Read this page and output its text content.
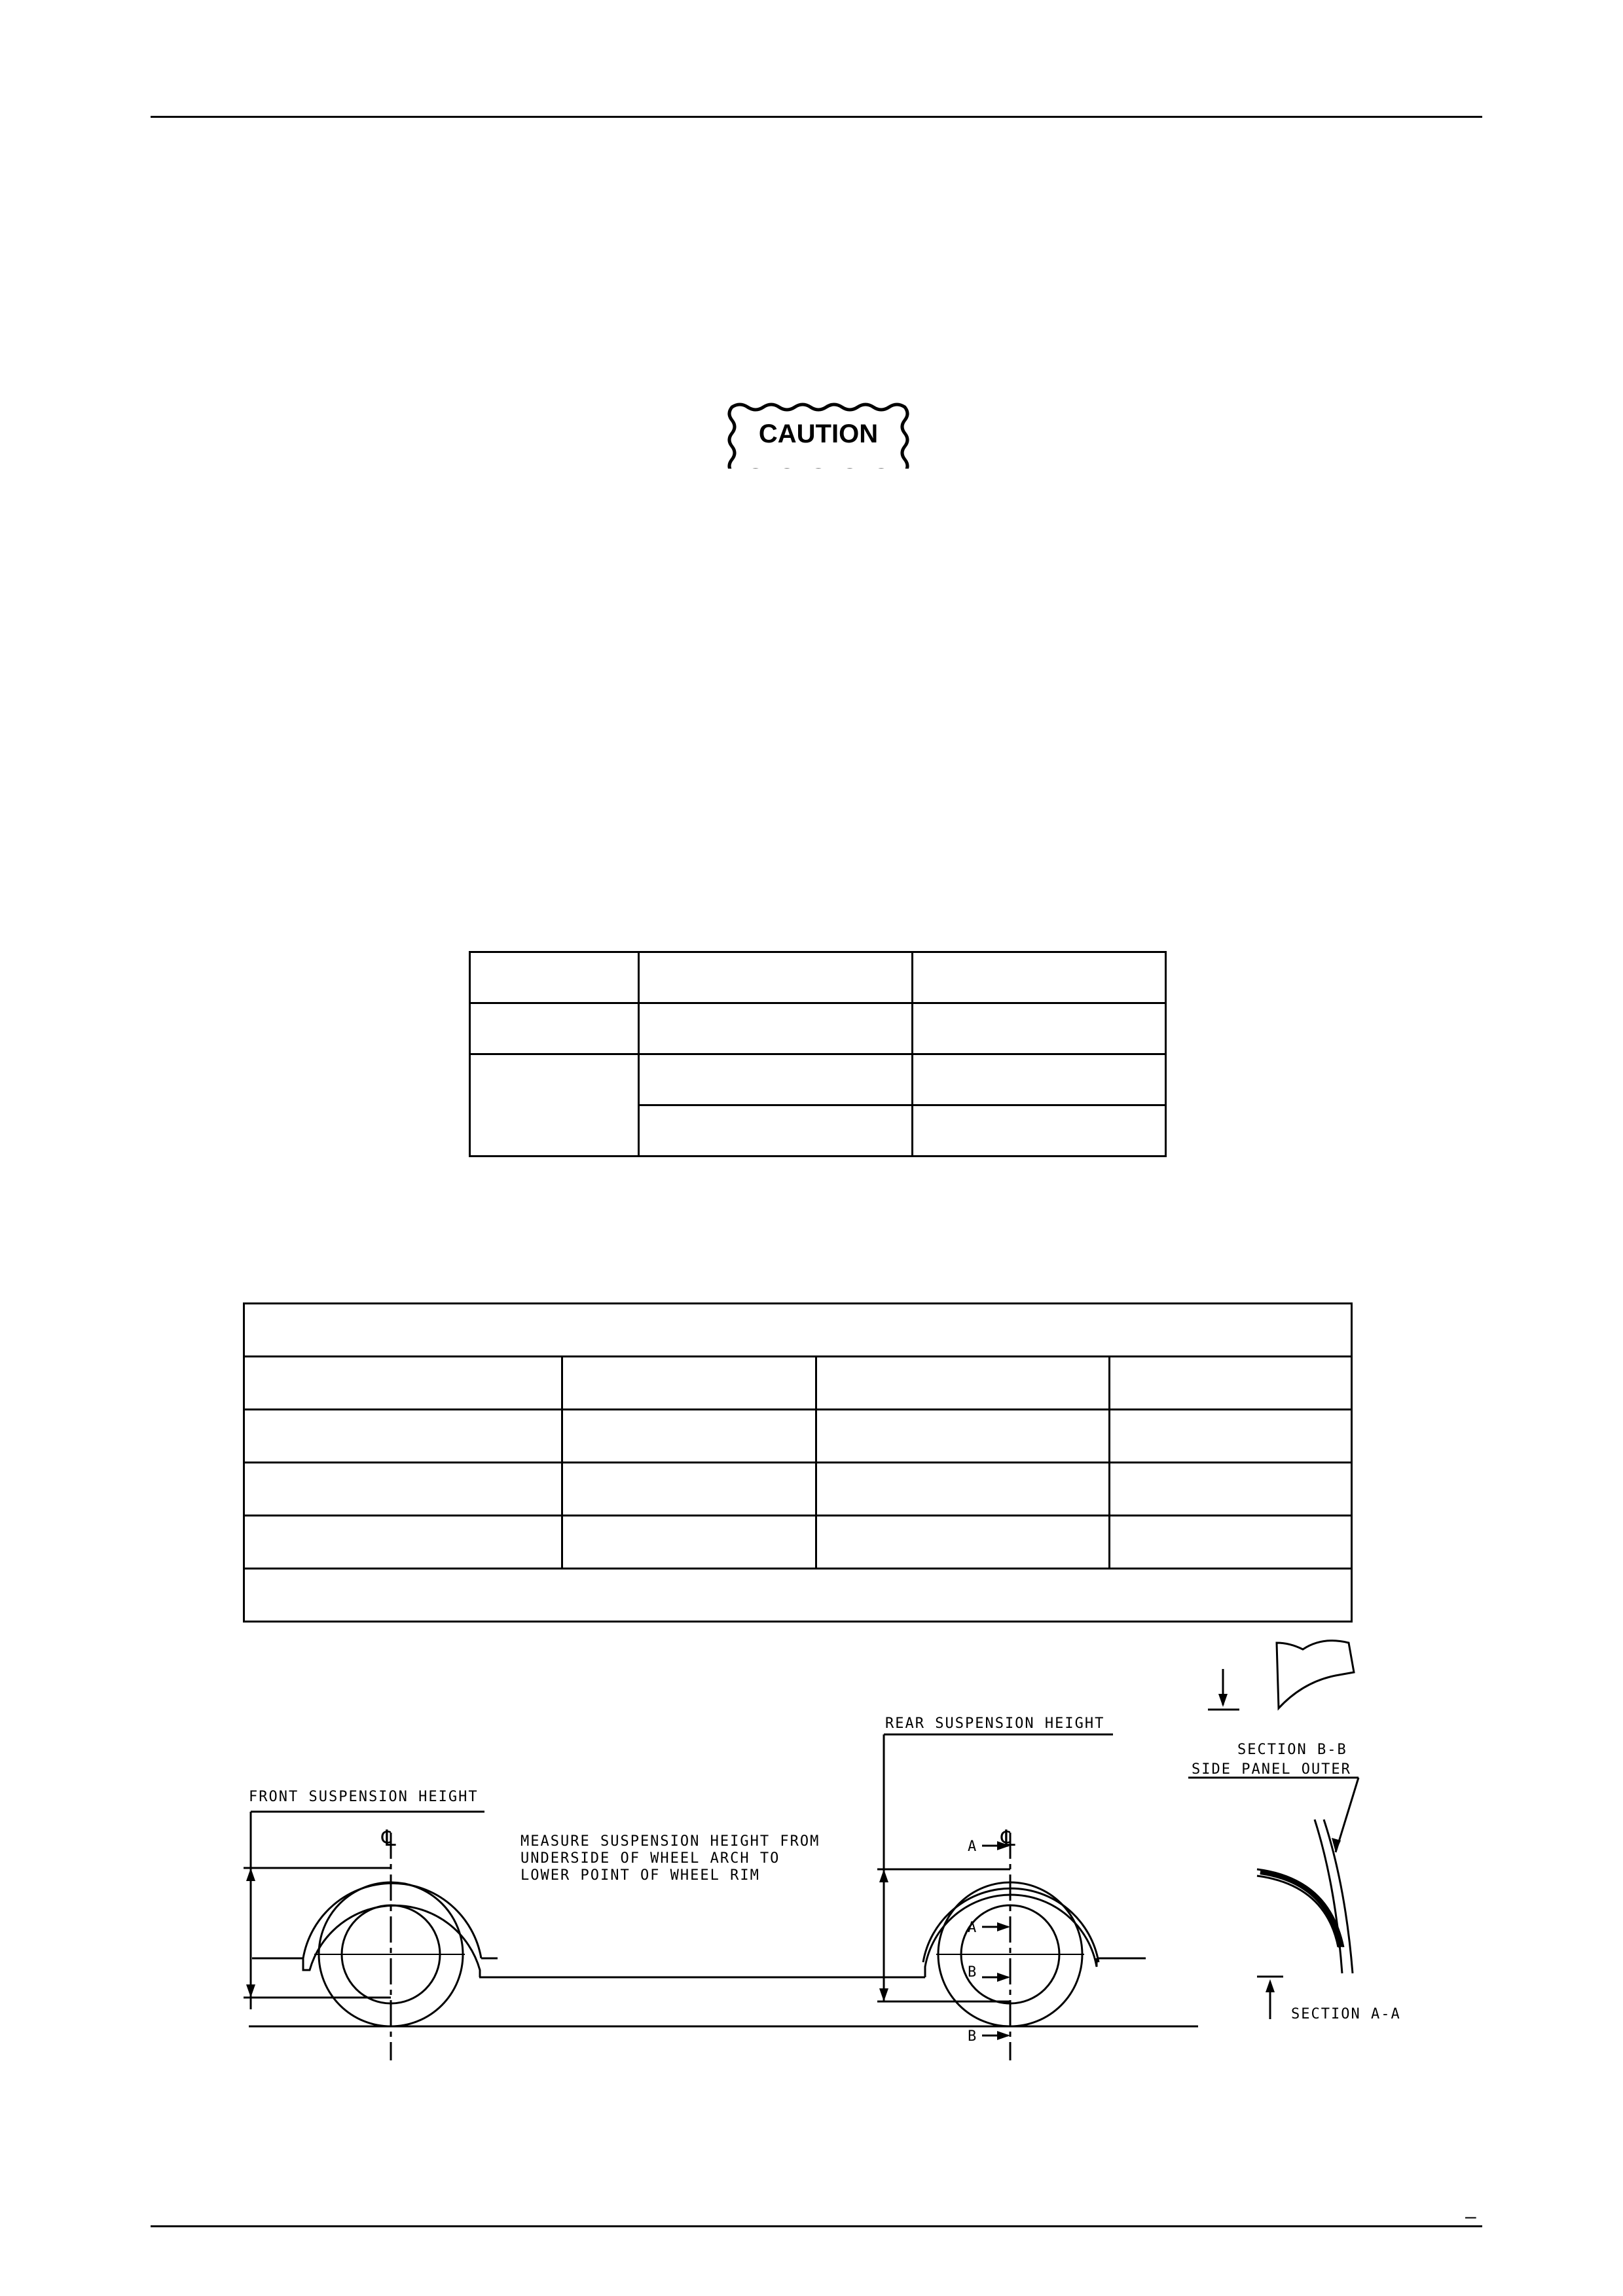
CAUTION

FRONT SUSPENSION HEIGHT
REAR SUSPENSION HEIGHT
MEASURE SUSPENSION HEIGHT FROM
UNDERSIDE OF WHEEL ARCH TO
LOWER POINT OF WHEEL RIM
℄	℄
A
A
B
B
SECTION B-B
SIDE PANEL OUTER
SECTION A-A
–
